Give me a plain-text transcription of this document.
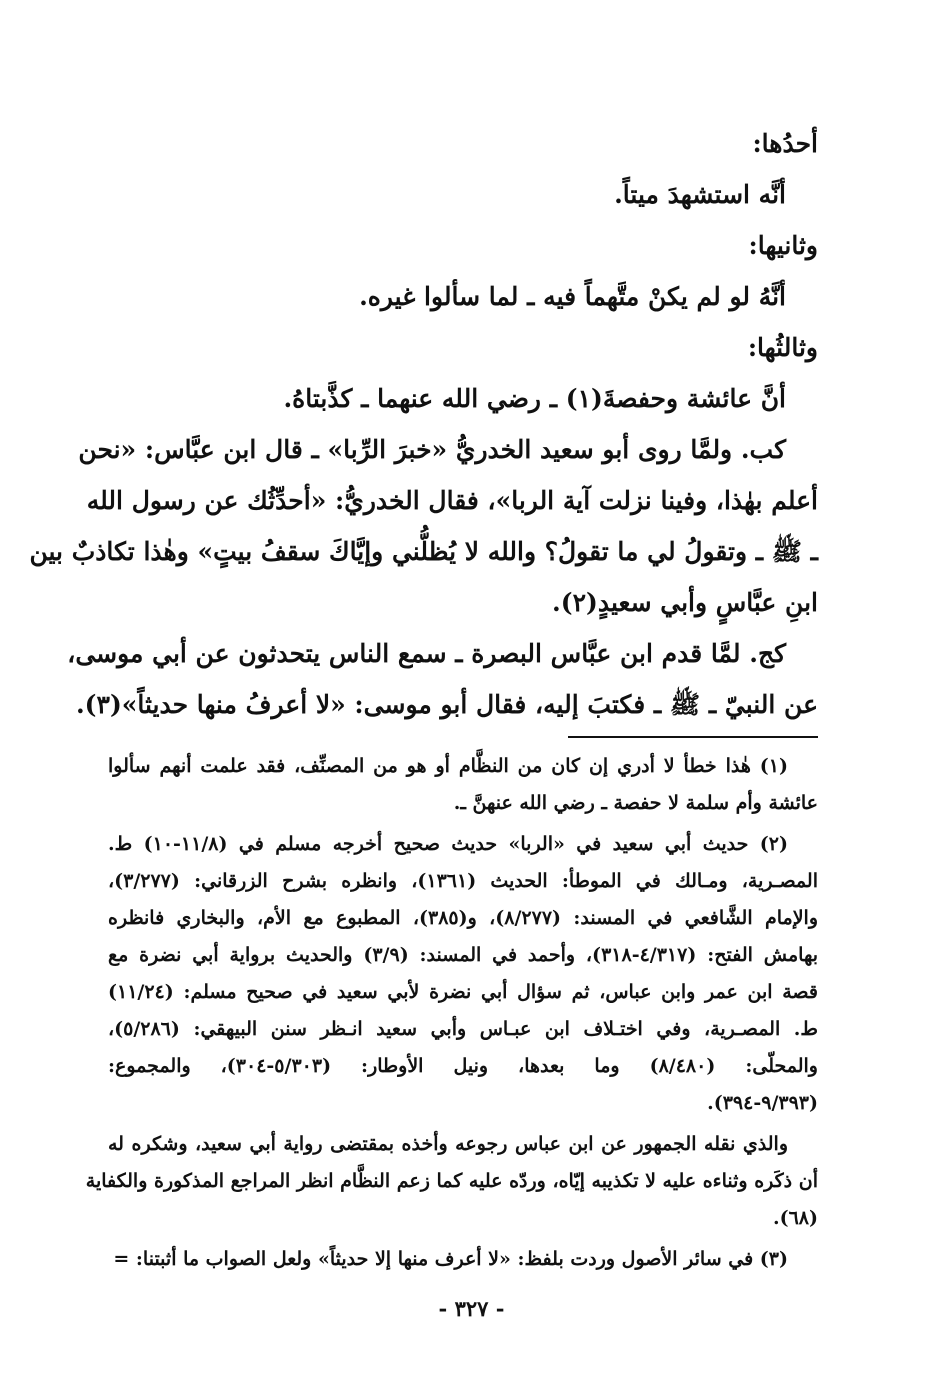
أحدُها:
أنَّه استشهدَ ميتاً.
وثانيها:
أنَّهُ لو لم يكنْ متَّهماً فيه ـ لما سألوا غيره.
وثالثُها:
أنَّ عائشة وحفصةَ(١) ـ رضي الله عنهما ـ كذَّبتاهُ.
كب. ولمَّا روى أبو سعيد الخدريُّ «خبرَ الرِّبا» ـ قال ابن عبَّاس: «نحن
أعلم بهٰذا، وفينا نزلت آية الربا»، فقال الخدريُّ: «أحدِّثُك عن رسول الله
ـ ﷺ ـ وتقولُ لي ما تقولُ؟ والله لا يُظلُّني وإيَّاكَ سقفُ بيتٍ» وهٰذا تكاذبٌ بين
ابنِ عبَّاسٍ وأبي سعيدٍ(٢).
كج. لمَّا قدم ابن عبَّاس البصرة ـ سمع الناس يتحدثون عن أبي موسى،
عن النبيّ ـ ﷺ ـ فكتبَ إليه، فقال أبو موسى: «لا أعرفُ منها حديثاً»(٣).
(١) هٰذا خطأ لا أدري إن كان من النظَّام أو هو من المصنِّف، فقد علمت أنهم سألوا
عائشة وأم سلمة لا حفصة ـ رضي الله عنهنَّ ـ.
(٢) حديث أبي سعيد في «الربا» حديث صحيح أخرجه مسلم في (١١/٨-١٠) ط.
المصـرية، ومـالك في الموطأ: الحديث (١٣٦١)، وانظره بشرح الزرقاني: (٣/٢٧٧)،
والإمام الشَّافعي في المسند: (٨/٢٧٧)، و(٣٨٥)، المطبوع مع الأم، والبخاري فانظره
بهامش الفتح: (٤/٣١٧-٣١٨)، وأحمد في المسند: (٣/٩) والحديث برواية أبي نضرة مع
قصة ابن عمر وابن عباس، ثم سؤال أبي نضرة لأبي سعيد في صحيح مسلم: (١١/٢٤)
ط. المصـرية، وفي اختـلاف ابن عبـاس وأبي سعيد انـظر سنن البيهقي: (٥/٢٨٦)،
والمحلّى: (٨/٤٨٠) وما بعدها، ونيل الأوطار: (٥/٣٠٣-٣٠٤)، والمجموع:
(٩/٣٩٣-٣٩٤).
والذي نقله الجمهور عن ابن عباس رجوعه وأخذه بمقتضى رواية أبي سعيد، وشكره له
أن ذكَره وثناءه عليه لا تكذيبه إيّاه، وردّه عليه كما زعم النظَّام انظر المراجع المذكورة والكفاية
(٦٨).
(٣) في سائر الأصول وردت بلفظ: «لا أعرف منها إلا حديثاً» ولعل الصواب ما أثبتنا: =
- ٣٢٧ -
